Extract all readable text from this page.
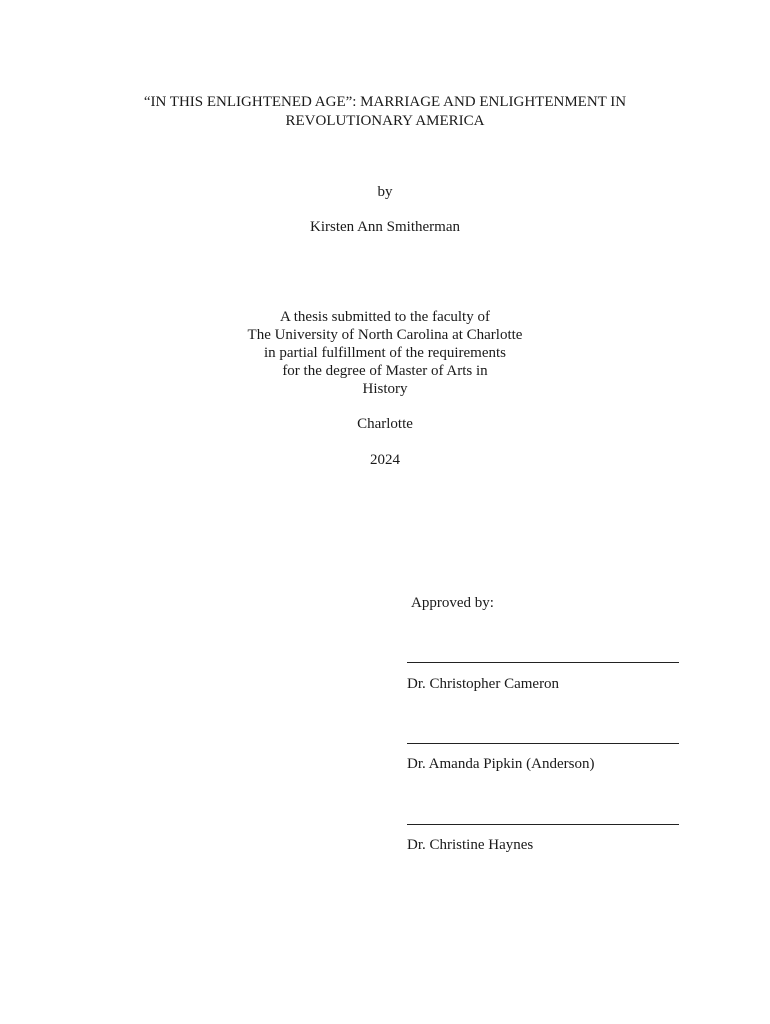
“IN THIS ENLIGHTENED AGE”: MARRIAGE AND ENLIGHTENMENT IN
REVOLUTIONARY AMERICA
by
Kirsten Ann Smitherman
A thesis submitted to the faculty of
The University of North Carolina at Charlotte
in partial fulfillment of the requirements
for the degree of Master of Arts in
History
Charlotte
2024
Approved by:
Dr. Christopher Cameron
Dr. Amanda Pipkin (Anderson)
Dr. Christine Haynes
